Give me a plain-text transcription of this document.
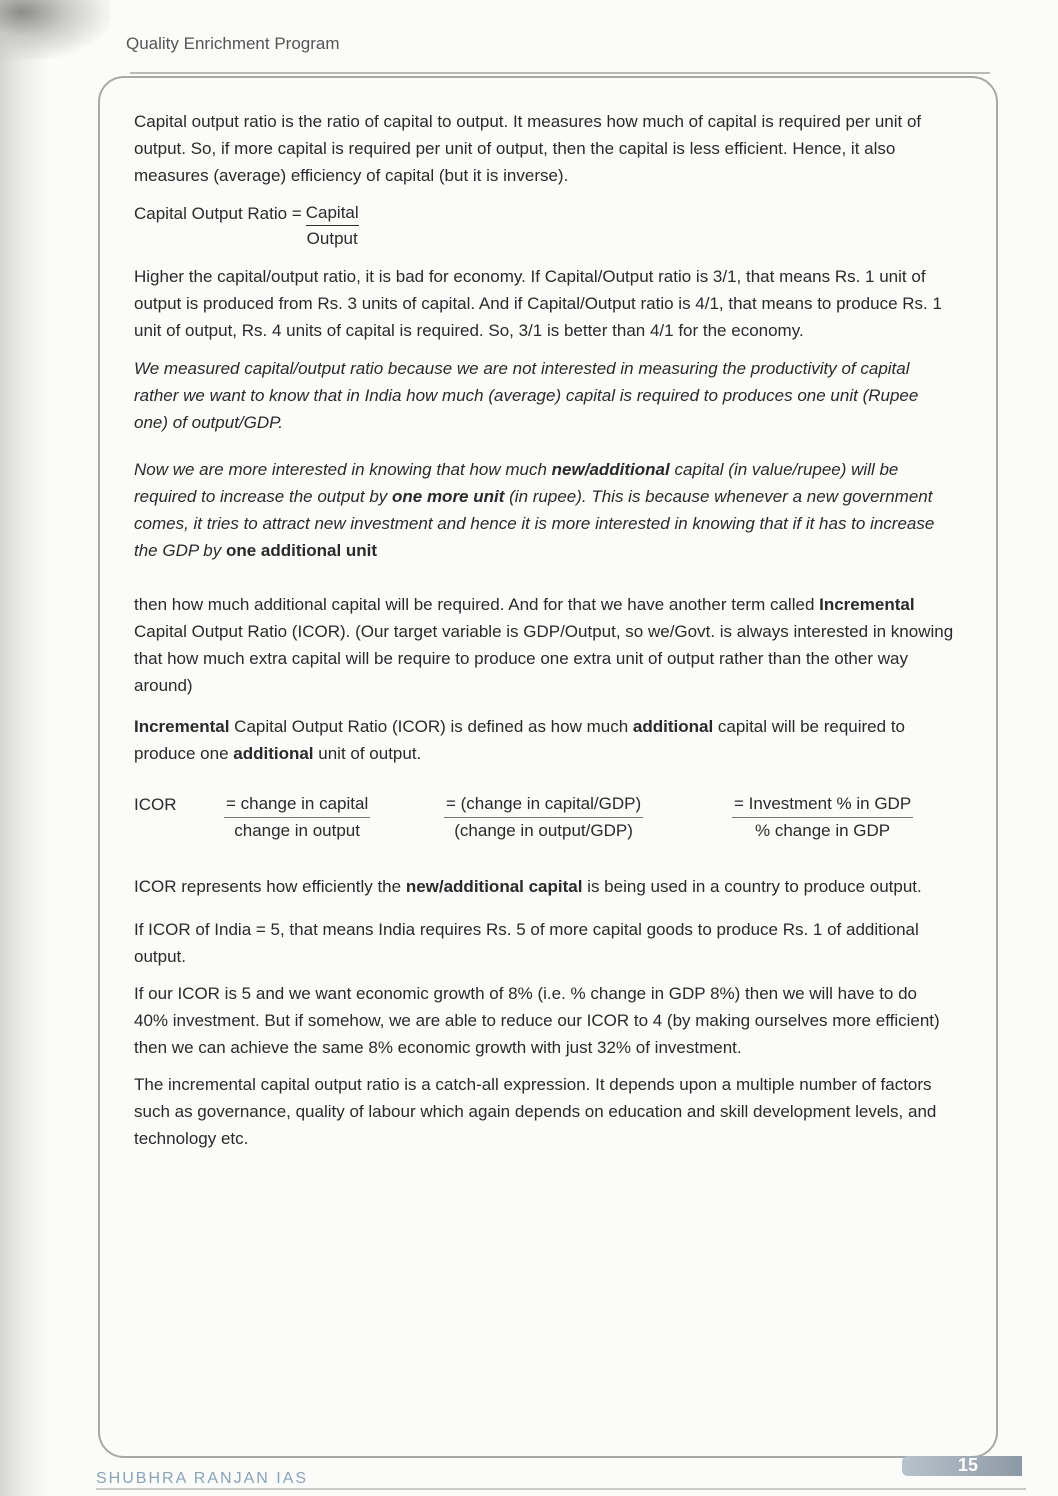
Quality Enrichment Program

Capital output ratio is the ratio of capital to output. It measures how much of capital is required per unit of output. So, if more capital is required per unit of output, then the capital is less efficient. Hence, it also measures (average) efficiency of capital (but it is inverse).

Capital Output Ratio = $\frac{\text{Capital}}{\text{Output}}$

Higher the capital/output ratio, it is bad for economy. If Capital/Output ratio is 3/1, that means Rs. 1 unit of output is produced from Rs. 3 units of capital. And if Capital/Output ratio is 4/1, that means to produce Rs. 1 unit of output, Rs. 4 units of capital is required. So, 3/1 is better than 4/1 for the economy.

We measured capital/output ratio because we are not interested in measuring the productivity of capital rather we want to know that in India how much (average) capital is required to produces one unit (Rupee one) of output/GDP.

Now we are more interested in knowing that how much new/additional capital (in value/rupee) will be required to increase the output by one more unit (in rupee). This is because whenever a new government comes, it tries to attract new investment and hence it is more interested in knowing that if it has to increase the GDP by one additional unit

then how much additional capital will be required. And for that we have another term called Incremental Capital Output Ratio (ICOR). (Our target variable is GDP/Output, so we/Govt. is always interested in knowing that how much extra capital will be require to produce one extra unit of output rather than the other way around)

Incremental Capital Output Ratio (ICOR) is defined as how much additional capital will be required to produce one additional unit of output.

ICOR	= change in capital
change in output
= (change in capital/GDP)
(change in output/GDP)
= Investment % in GDP
% change in GDP

ICOR represents how efficiently the new/additional capital is being used in a country to produce output.

If ICOR of India = 5, that means India requires Rs. 5 of more capital goods to produce Rs. 1 of additional output.

If our ICOR is 5 and we want economic growth of 8% (i.e. % change in GDP 8%) then we will have to do 40% investment. But if somehow, we are able to reduce our ICOR to 4 (by making ourselves more efficient) then we can achieve the same 8% economic growth with just 32% of investment.

The incremental capital output ratio is a catch-all expression. It depends upon a multiple number of factors such as governance, quality of labour which again depends on education and skill development levels, and technology etc.

SHUBHRA RANJAN IAS
15
